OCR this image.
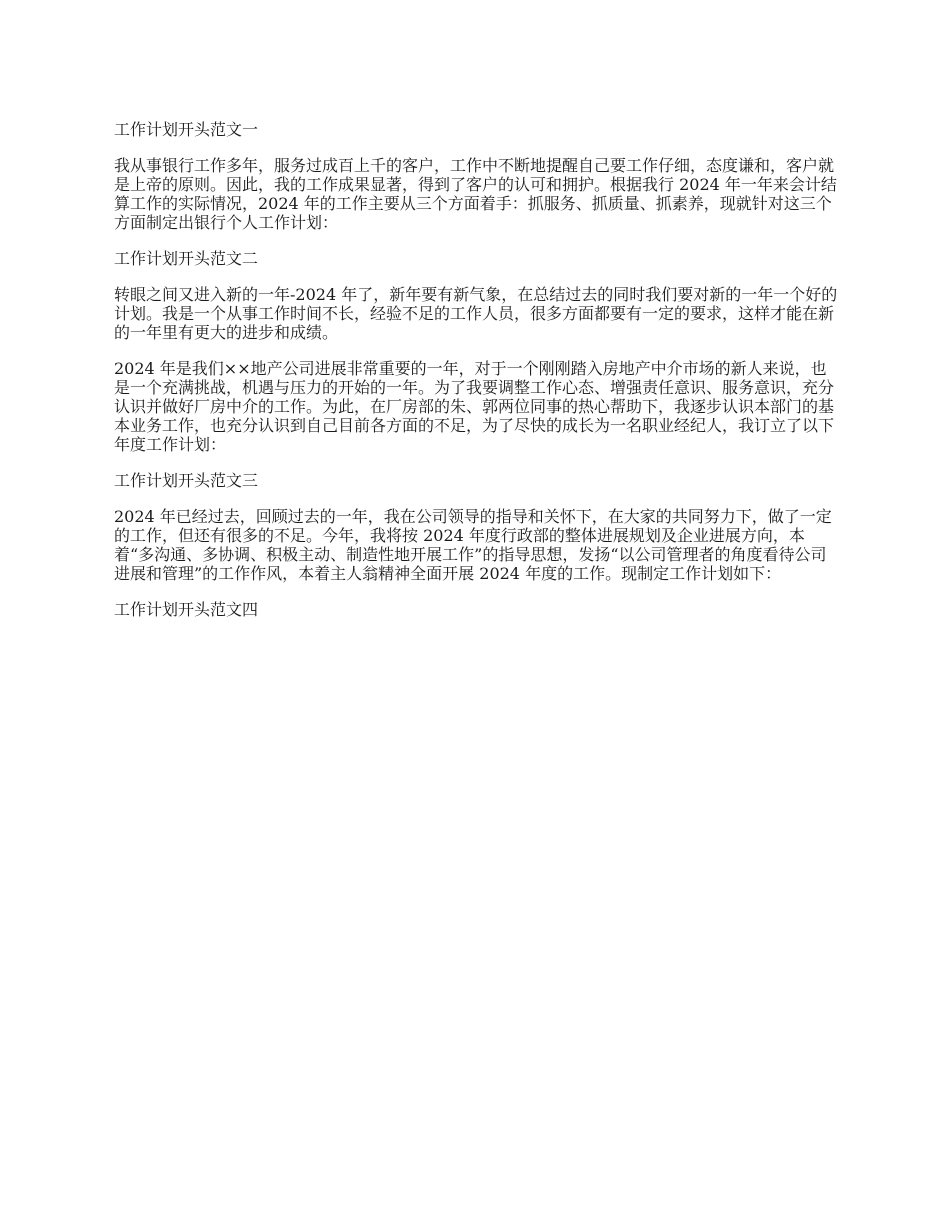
工作计划开头范文一

我从事银行工作多年，服务过成百上千的客户，工作中不断地提醒自己要工作仔细，态度谦和，客户就是上帝的原则。因此，我的工作成果显著，得到了客户的认可和拥护。根据我行 2024 年一年来会计结算工作的实际情况，2024 年的工作主要从三个方面着手：抓服务、抓质量、抓素养，现就针对这三个方面制定出银行个人工作计划：

工作计划开头范文二

转眼之间又进入新的一年-2024 年了，新年要有新气象，在总结过去的同时我们要对新的一年一个好的计划。我是一个从事工作时间不长，经验不足的工作人员，很多方面都要有一定的要求，这样才能在新的一年里有更大的进步和成绩。

2024 年是我们××地产公司进展非常重要的一年，对于一个刚刚踏入房地产中介市场的新人来说，也是一个充满挑战，机遇与压力的开始的一年。为了我要调整工作心态、增强责任意识、服务意识，充分认识并做好厂房中介的工作。为此，在厂房部的朱、郭两位同事的热心帮助下，我逐步认识本部门的基本业务工作，也充分认识到自己目前各方面的不足，为了尽快的成长为一名职业经纪人，我订立了以下年度工作计划：

工作计划开头范文三

2024 年已经过去，回顾过去的一年，我在公司领导的指导和关怀下，在大家的共同努力下，做了一定的工作，但还有很多的不足。今年，我将按 2024 年度行政部的整体进展规划及企业进展方向，本着“多沟通、多协调、积极主动、制造性地开展工作”的指导思想，发扬“以公司管理者的角度看待公司进展和管理”的工作作风，本着主人翁精神全面开展 2024 年度的工作。现制定工作计划如下：

工作计划开头范文四
